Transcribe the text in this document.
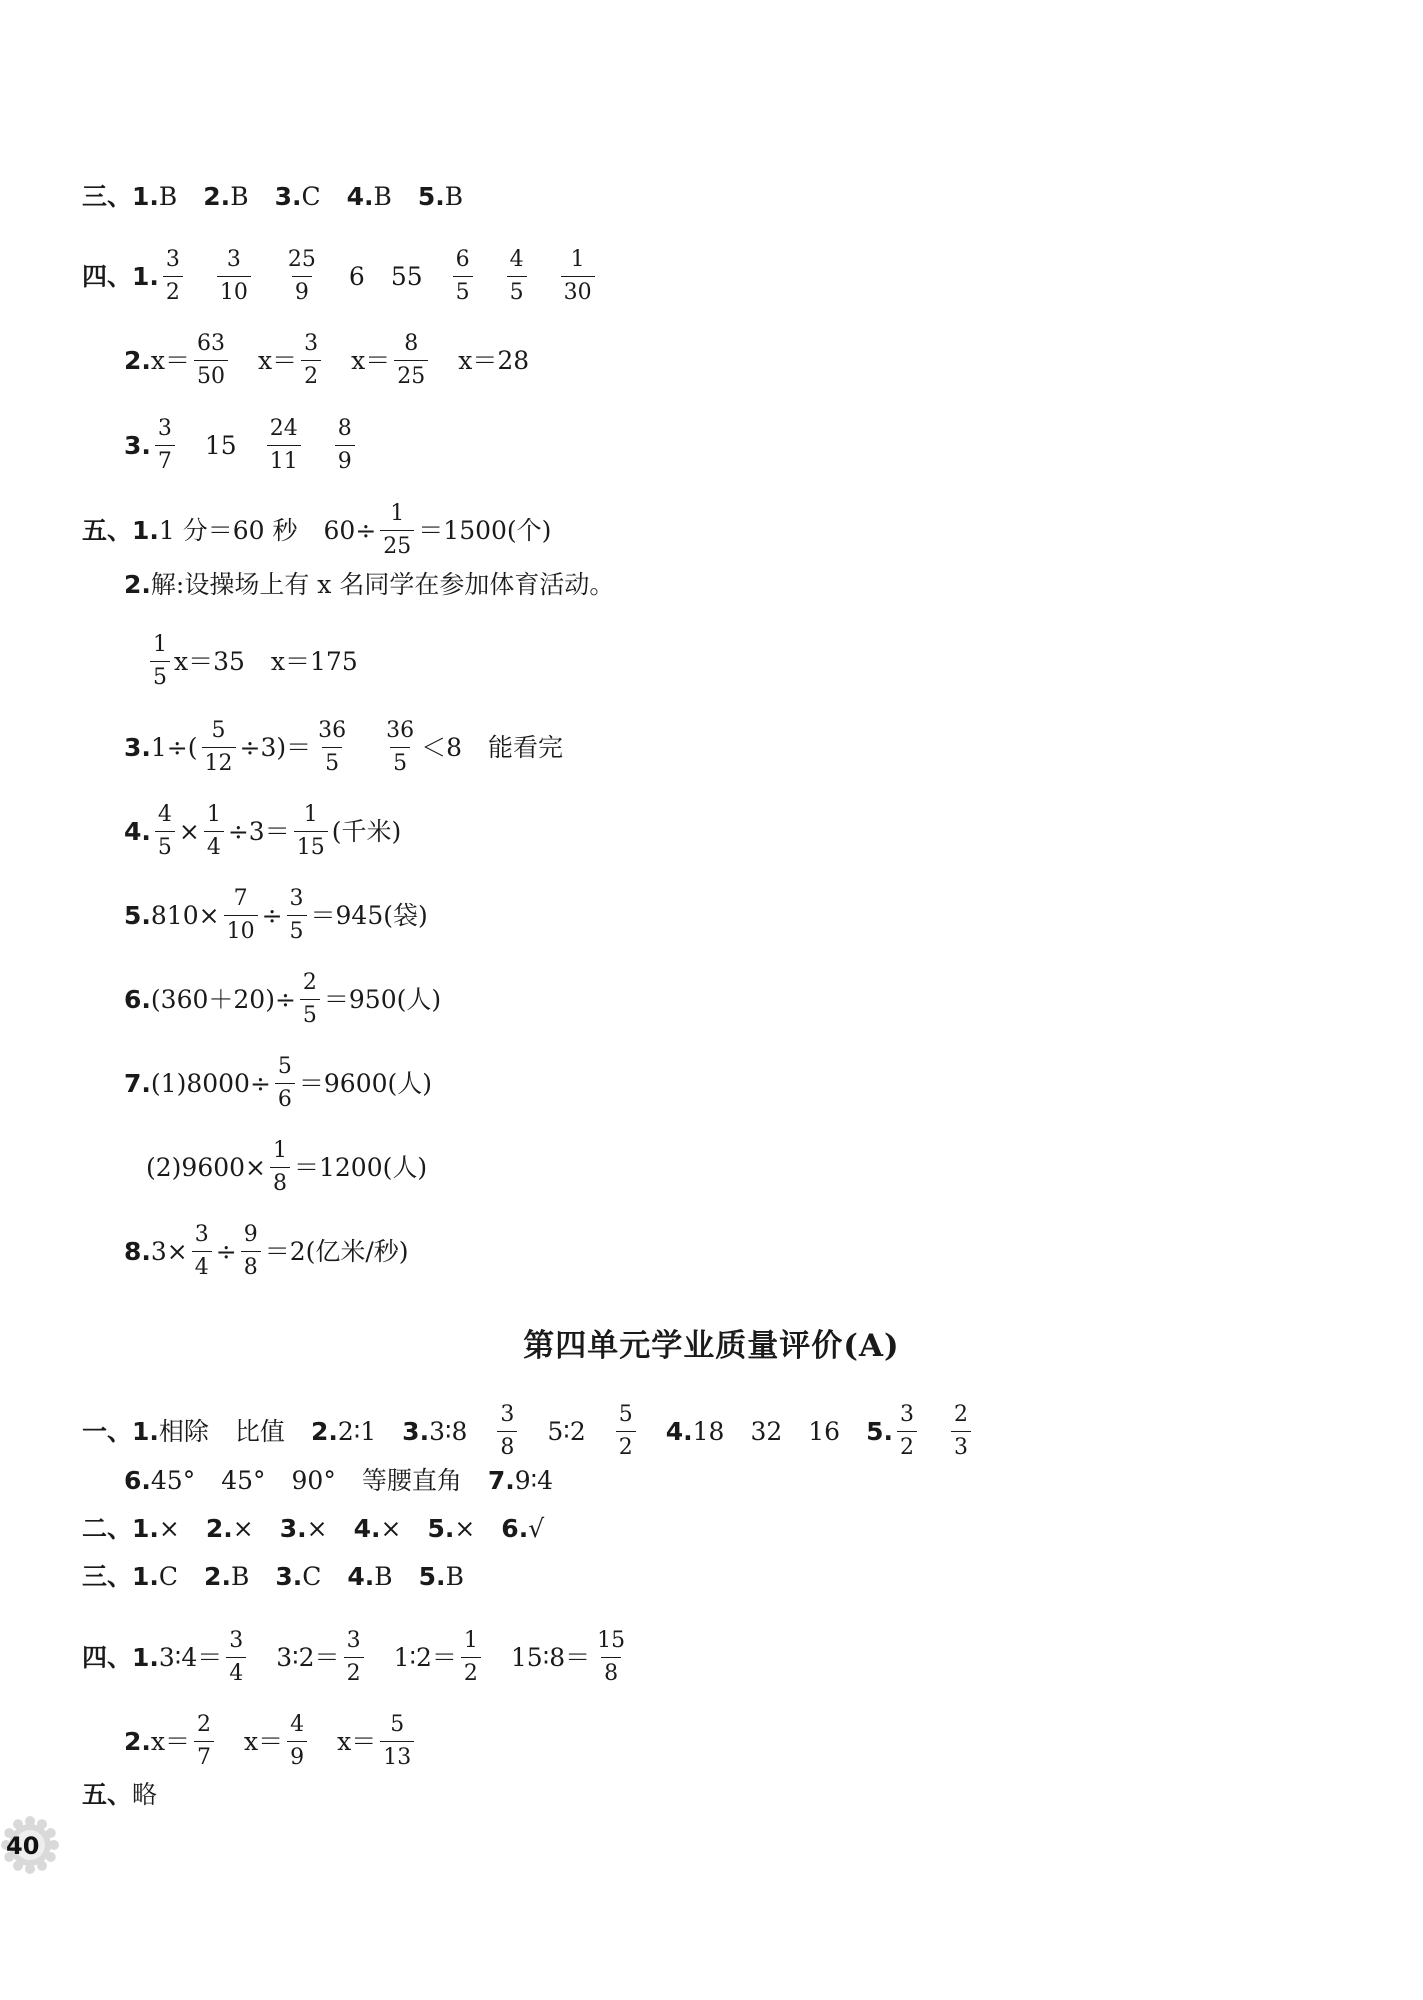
三、1. B 2. B 3. C 4. B 5. B
四、1. $\frac{3}{2} \frac{3}{10} \frac{25}{9} 6$ $55 \frac{6}{5} \frac{4}{5} \frac{1}{30}$
2. $x= \frac{63}{50} x= \frac{3}{2} x= \frac{8}{25} x=28$
3. $\frac{3}{7} 15 \frac{24}{11} \frac{8}{9}$
五、1. 1 分＝60 秒 $60\div \frac{1}{25} =1500$(个)
2. 解:设操场上有 x 名同学在参加体育活动。
$\frac{1}{5} x=35$ x＝175
3. $1\div( \frac{5}{12} \div 3)= \frac{36}{5} \frac{36}{5} <8$ 能看完
4. $\frac{4}{5} \times \frac{1}{4} \div 3= \frac{1}{15}$ (千米)
5. $810\times \frac{7}{10} \div \frac{3}{5} =945$(袋)
6. $(360+20)\div \frac{2}{5} =950$(人)
7. $(1)8000\div \frac{5}{6} =9600$(人)
$(2)9600\times \frac{1}{8} =1200$(人)
8. $3\times \frac{3}{4} \div \frac{9}{8} =2$(亿米/秒)
一、1. 相除 比值 2. 2∶1 3. 3∶8 $\frac{3}{8}$ 5∶2 $\frac{5}{2} 4$. 18 32 16 5. $\frac{3}{2} \frac{2}{3}$
6. 45° 45° 90° 等腰直角 7. 9∶4
二、1. × 2. × 3. × 4. × 5. × 6. √
三、1. C 2. B 3. C 4. B 5. B
四、1. 3∶4＝ $\frac{3}{4}$ 3∶2＝ $\frac{3}{2}$ 1∶2＝ $\frac{1}{2}$ 15∶8＝ $\frac{15}{8}$
2. $x= \frac{2}{7} x= \frac{4}{9} x= \frac{5}{13}$
五、 略
第四单元学业质量评价(A)
40
